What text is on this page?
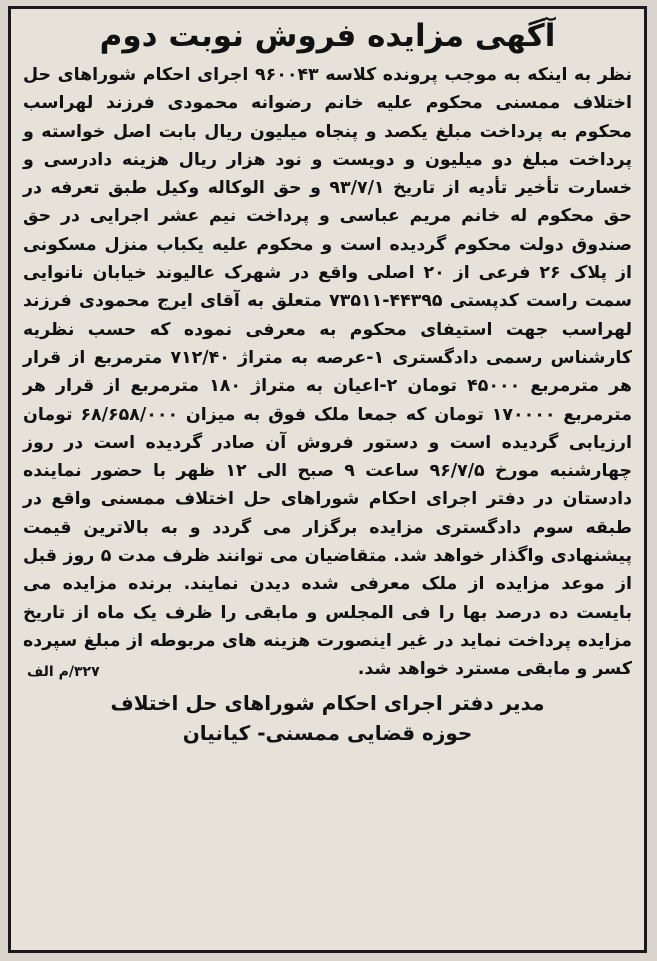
آگهی مزایده فروش نوبت دوم

نظر به اینکه به موجب پرونده کلاسه ۹۶۰۰۴۳ اجرای احکام شوراهای حل اختلاف ممسنی محکوم علیه خانم رضوانه محمودی فرزند لهراسب محکوم به پرداخت مبلغ یکصد و پنجاه میلیون ریال بابت اصل خواسته و پرداخت مبلغ دو میلیون و دویست و نود هزار ریال هزینه دادرسی و خسارت تأخیر تأدیه از تاریخ ۹۳/۷/۱ و حق الوکاله وکیل طبق تعرفه در حق محکوم له خانم مریم عباسی و پرداخت نیم عشر اجرایی در حق صندوق دولت محکوم گردیده است و محکوم علیه یکباب منزل مسکونی از پلاک ۲۶ فرعی از ۲۰ اصلی واقع در شهرک عالیوند خیابان نانوایی سمت راست کدپستی ۴۴۳۹۵-۷۳۵۱۱ متعلق به آقای ایرج محمودی فرزند لهراسب جهت استیفای محکوم به معرفی نموده که حسب نظریه کارشناس رسمی دادگستری ۱-عرصه به متراژ ۷۱۲/۴۰ مترمربع از قرار هر مترمربع ۴۵۰۰۰ تومان ۲-اعیان به متراژ ۱۸۰ مترمربع از قرار هر مترمربع ۱۷۰۰۰۰ تومان که جمعا ملک فوق به میزان ۶۸/۶۵۸/۰۰۰ تومان ارزیابی گردیده است و دستور فروش آن صادر گردیده است در روز چهارشنبه مورخ ۹۶/۷/۵ ساعت ۹ صبح الی ۱۲ ظهر با حضور نماینده دادستان در دفتر اجرای احکام شوراهای حل اختلاف ممسنی واقع در طبقه سوم دادگستری مزایده برگزار می گردد و به بالاترین قیمت پیشنهادی واگذار خواهد شد. متقاضیان می توانند ظرف مدت ۵ روز قبل از موعد مزایده از ملک معرفی شده دیدن نمایند. برنده مزایده می بایست ده درصد بها را فی المجلس و مابقی را ظرف یک ماه از تاریخ مزایده پرداخت نماید در غیر اینصورت هزینه های مربوطه از مبلغ سپرده کسر و مابقی مسترد خواهد شد.

۳۲۷/م الف
مدیر دفتر اجرای احکام شوراهای حل اختلاف
حوزه قضایی ممسنی- کیانیان
